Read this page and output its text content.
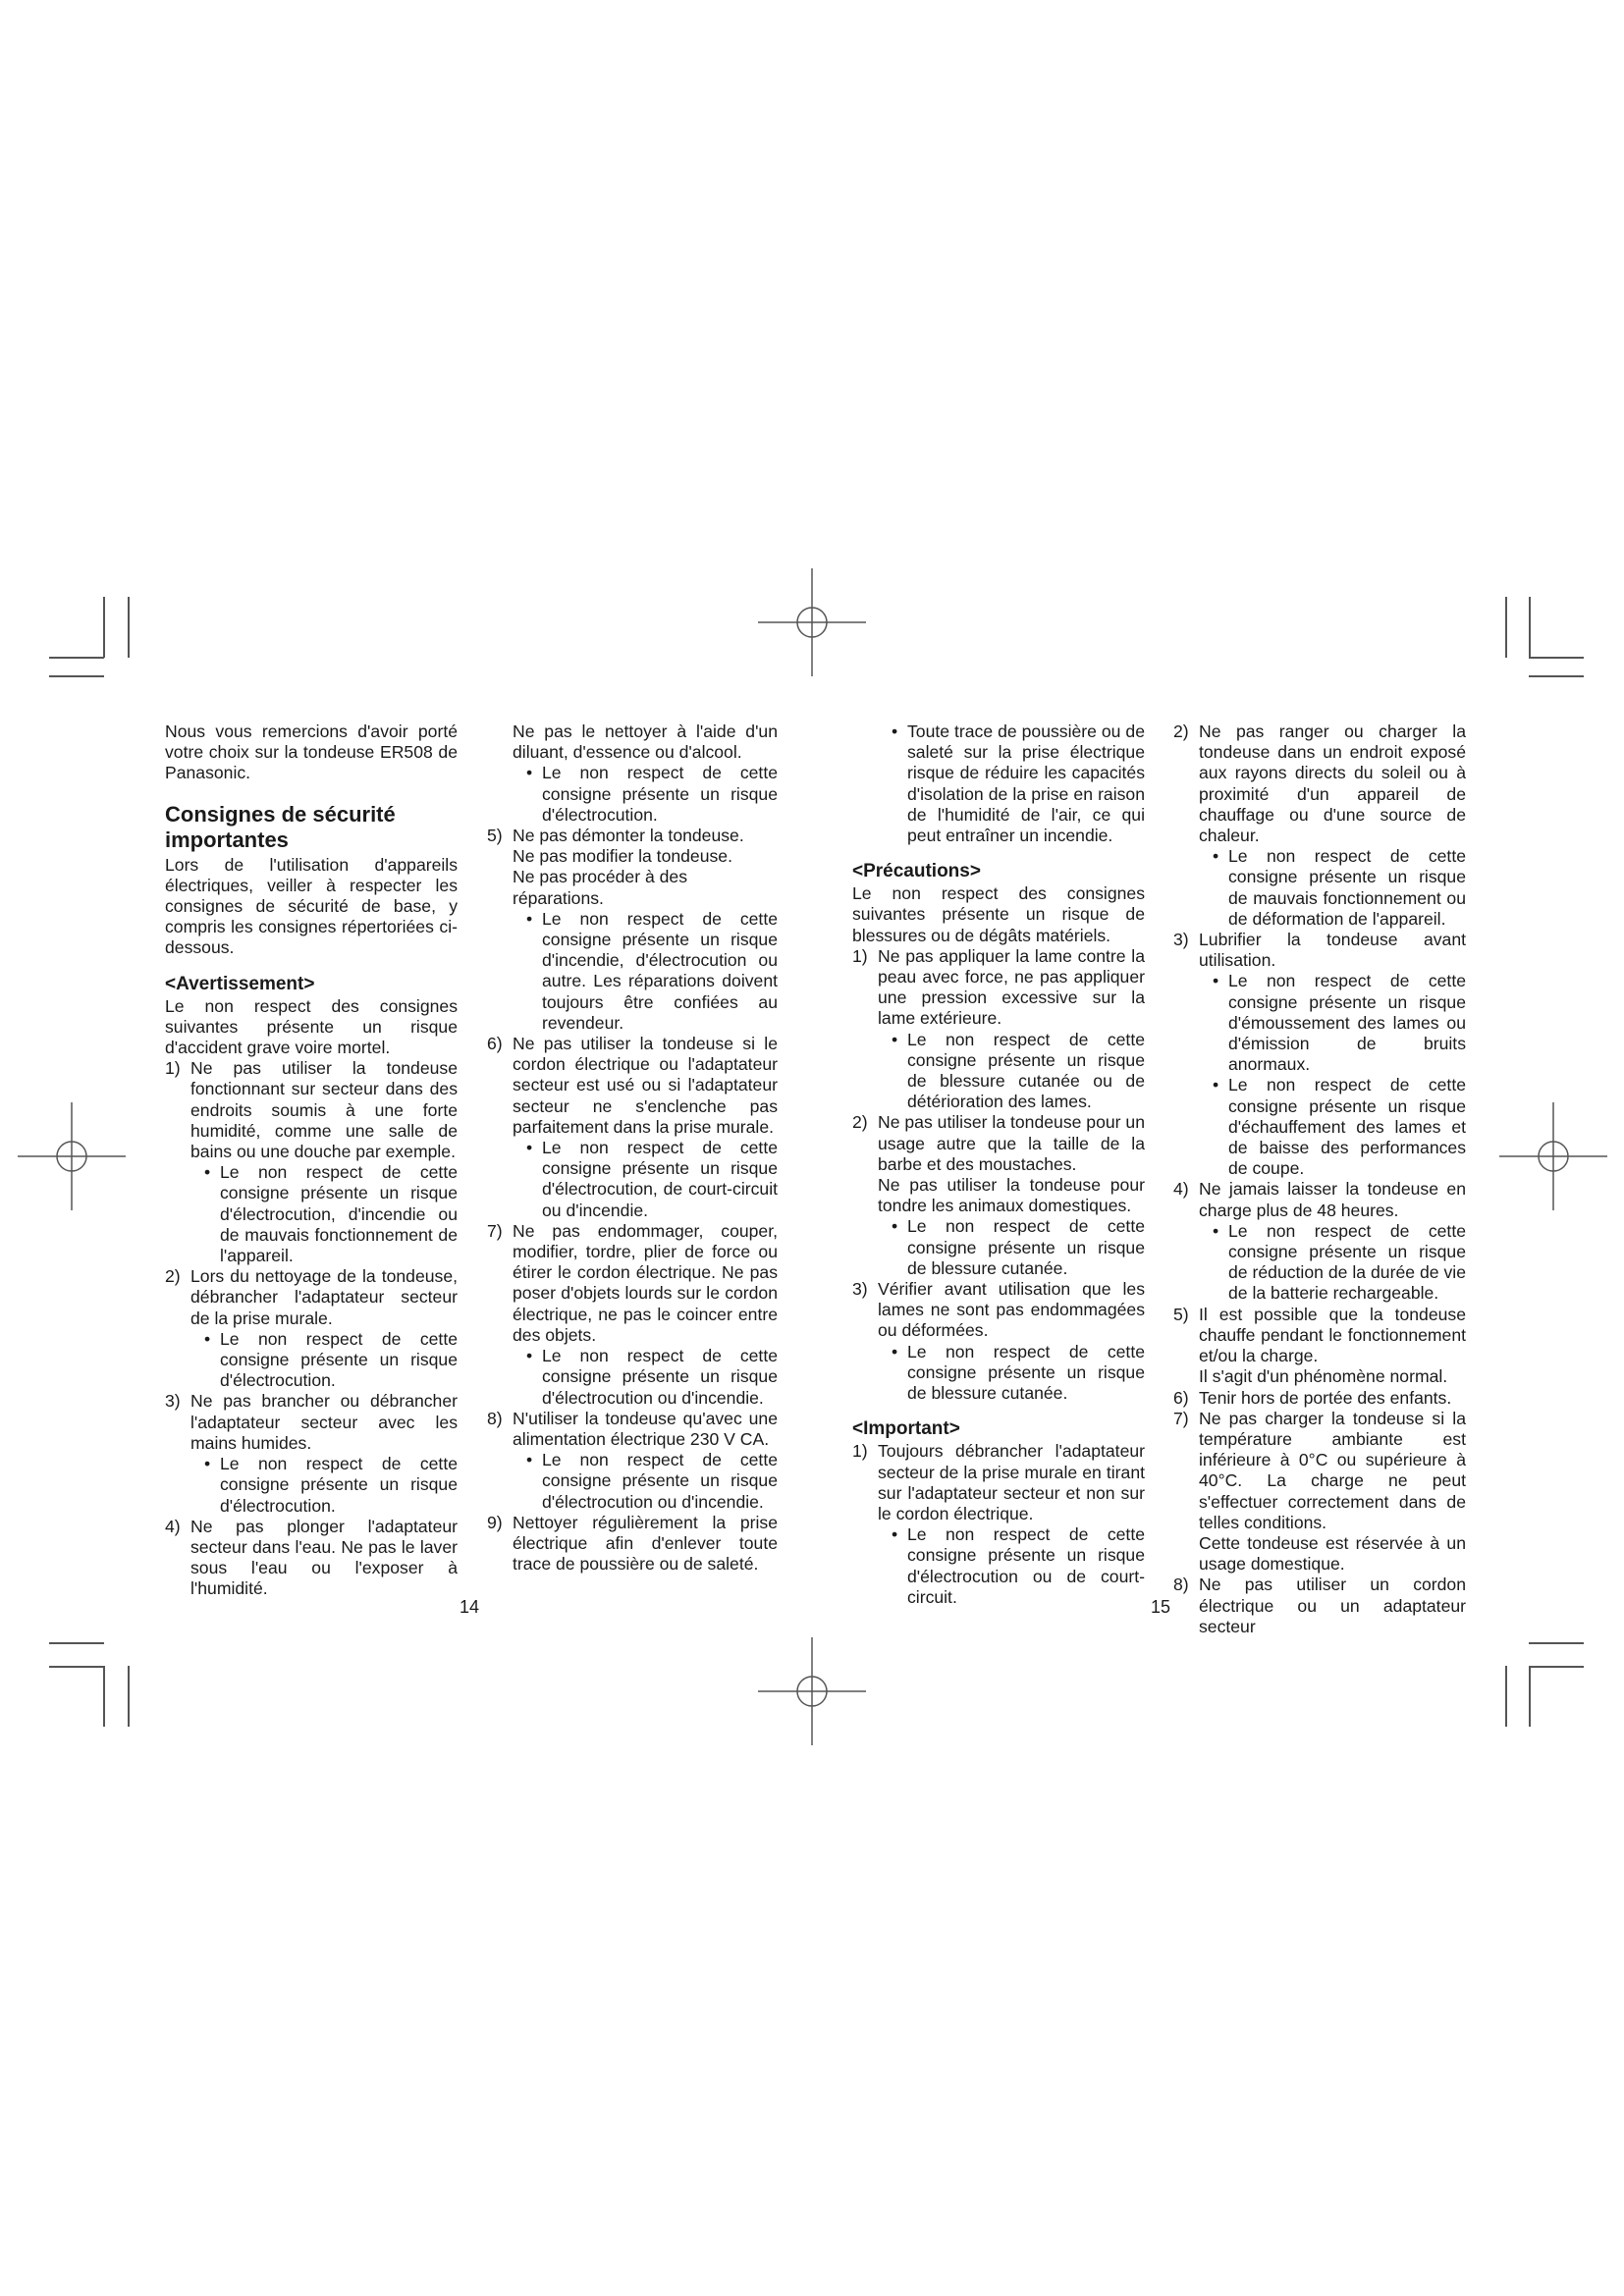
Nous vous remercions d'avoir porté votre choix sur la tondeuse ER508 de Panasonic.

Consignes de sécurité importantes

Lors de l'utilisation d'appareils électriques, veiller à respecter les consignes de sécurité de base, y compris les consignes répertoriées ci-dessous.

<Avertissement>

Le non respect des consignes suivantes présente un risque d'accident grave voire mortel.

1) Ne pas utiliser la tondeuse fonctionnant sur secteur dans des endroits soumis à une forte humidité, comme une salle de bains ou une douche par exemple.
• Le non respect de cette consigne présente un risque d'électrocution, d'incendie ou de mauvais fonctionnement de l'appareil.
2) Lors du nettoyage de la tondeuse, débrancher l'adaptateur secteur de la prise murale.
• Le non respect de cette consigne présente un risque d'électrocution.
3) Ne pas brancher ou débrancher l'adaptateur secteur avec les mains humides.
• Le non respect de cette consigne présente un risque d'électrocution.
4) Ne pas plonger l'adaptateur secteur dans l'eau. Ne pas le laver sous l'eau ou l'exposer à l'humidité.

Ne pas le nettoyer à l'aide d'un diluant, d'essence ou d'alcool.

• Le non respect de cette consigne présente un risque d'électrocution.
5) Ne pas démonter la tondeuse.
Ne pas modifier la tondeuse.
Ne pas procéder à des réparations.
• Le non respect de cette consigne présente un risque d'incendie, d'électrocution ou autre. Les réparations doivent toujours être confiées au revendeur.
6) Ne pas utiliser la tondeuse si le cordon électrique ou l'adaptateur secteur est usé ou si l'adaptateur secteur ne s'enclenche pas parfaitement dans la prise murale.
• Le non respect de cette consigne présente un risque d'électrocution, de court-circuit ou d'incendie.
7) Ne pas endommager, couper, modifier, tordre, plier de force ou étirer le cordon électrique. Ne pas poser d'objets lourds sur le cordon électrique, ne pas le coincer entre des objets.
• Le non respect de cette consigne présente un risque d'électrocution ou d'incendie.
8) N'utiliser la tondeuse qu'avec une alimentation électrique 230 V CA.
• Le non respect de cette consigne présente un risque d'électrocution ou d'incendie.
9) Nettoyer régulièrement la prise électrique afin d'enlever toute trace de poussière ou de saleté.
14
• Toute trace de poussière ou de saleté sur la prise électrique risque de réduire les capacités d'isolation de la prise en raison de l'humidité de l'air, ce qui peut entraîner un incendie.
<Précautions>

Le non respect des consignes suivantes présente un risque de blessures ou de dégâts matériels.

1) Ne pas appliquer la lame contre la peau avec force, ne pas appliquer une pression excessive sur la lame extérieure.
• Le non respect de cette consigne présente un risque de blessure cutanée ou de détérioration des lames.
2) Ne pas utiliser la tondeuse pour un usage autre que la taille de la barbe et des moustaches.
Ne pas utiliser la tondeuse pour tondre les animaux domestiques.
• Le non respect de cette consigne présente un risque de blessure cutanée.
3) Vérifier avant utilisation que les lames ne sont pas endommagées ou déformées.
• Le non respect de cette consigne présente un risque de blessure cutanée.
<Important>
1) Toujours débrancher l'adaptateur secteur de la prise murale en tirant sur l'adaptateur secteur et non sur le cordon électrique.
• Le non respect de cette consigne présente un risque d'électrocution ou de court-circuit.
2) Ne pas ranger ou charger la tondeuse dans un endroit exposé aux rayons directs du soleil ou à proximité d'un appareil de chauffage ou d'une source de chaleur.
• Le non respect de cette consigne présente un risque de mauvais fonctionnement ou de déformation de l'appareil.
3) Lubrifier la tondeuse avant utilisation.
• Le non respect de cette consigne présente un risque d'émoussement des lames ou d'émission de bruits anormaux.
• Le non respect de cette consigne présente un risque d'échauffement des lames et de baisse des performances de coupe.
4) Ne jamais laisser la tondeuse en charge plus de 48 heures.
• Le non respect de cette consigne présente un risque de réduction de la durée de vie de la batterie rechargeable.
5) Il est possible que la tondeuse chauffe pendant le fonctionnement et/ou la charge.
Il s'agit d'un phénomène normal.
6) Tenir hors de portée des enfants.
7) Ne pas charger la tondeuse si la température ambiante est inférieure à 0°C ou supérieure à 40°C. La charge ne peut s'effectuer correctement dans de telles conditions.
Cette tondeuse est réservée à un usage domestique.
8) Ne pas utiliser un cordon électrique ou un adaptateur secteur
15
